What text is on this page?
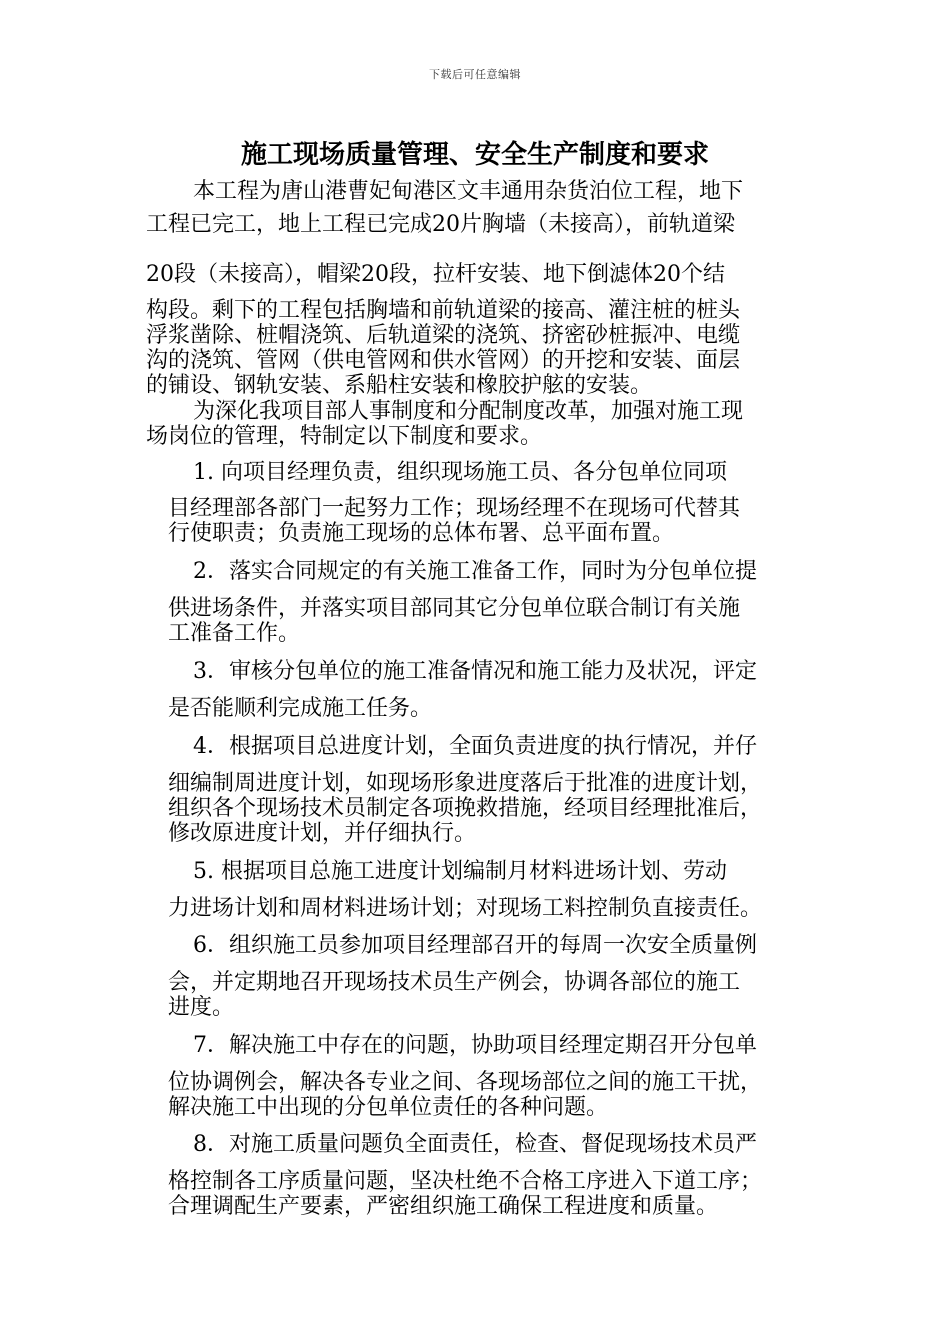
下载后可任意编辑
施工现场质量管理、安全生产制度和要求
本工程为唐山港曹妃甸港区文丰通用杂货泊位工程，地下
工程已完工，地上工程已完成20片胸墙（未接高），前轨道梁
20段（未接高），帽梁20段，拉杆安装、地下倒滤体20个结
构段。剩下的工程包括胸墙和前轨道梁的接高、灌注桩的桩头
浮浆凿除、桩帽浇筑、后轨道梁的浇筑、挤密砂桩振冲、电缆
沟的浇筑、管网（供电管网和供水管网）的开挖和安装、面层
的铺设、钢轨安装、系船柱安装和橡胶护舷的安装。
为深化我项目部人事制度和分配制度改革，加强对施工现
场岗位的管理，特制定以下制度和要求。
1. 向项目经理负责，组织现场施工员、各分包单位同项
目经理部各部门一起努力工作；现场经理不在现场可代替其
行使职责；负责施工现场的总体布署、总平面布置。
2．落实合同规定的有关施工准备工作，同时为分包单位提
供进场条件，并落实项目部同其它分包单位联合制订有关施
工准备工作。
3．审核分包单位的施工准备情况和施工能力及状况，评定
是否能顺利完成施工任务。
4．根据项目总进度计划，全面负责进度的执行情况，并仔
细编制周进度计划，如现场形象进度落后于批准的进度计划，
组织各个现场技术员制定各项挽救措施，经项目经理批准后，
修改原进度计划，并仔细执行。
5. 根据项目总施工进度计划编制月材料进场计划、劳动
力进场计划和周材料进场计划；对现场工料控制负直接责任。
6．组织施工员参加项目经理部召开的每周一次安全质量例
会，并定期地召开现场技术员生产例会，协调各部位的施工
进度。
7．解决施工中存在的问题，协助项目经理定期召开分包单
位协调例会，解决各专业之间、各现场部位之间的施工干扰，
解决施工中出现的分包单位责任的各种问题。
8．对施工质量问题负全面责任，检查、督促现场技术员严
格控制各工序质量问题，坚决杜绝不合格工序进入下道工序；
合理调配生产要素，严密组织施工确保工程进度和质量。
